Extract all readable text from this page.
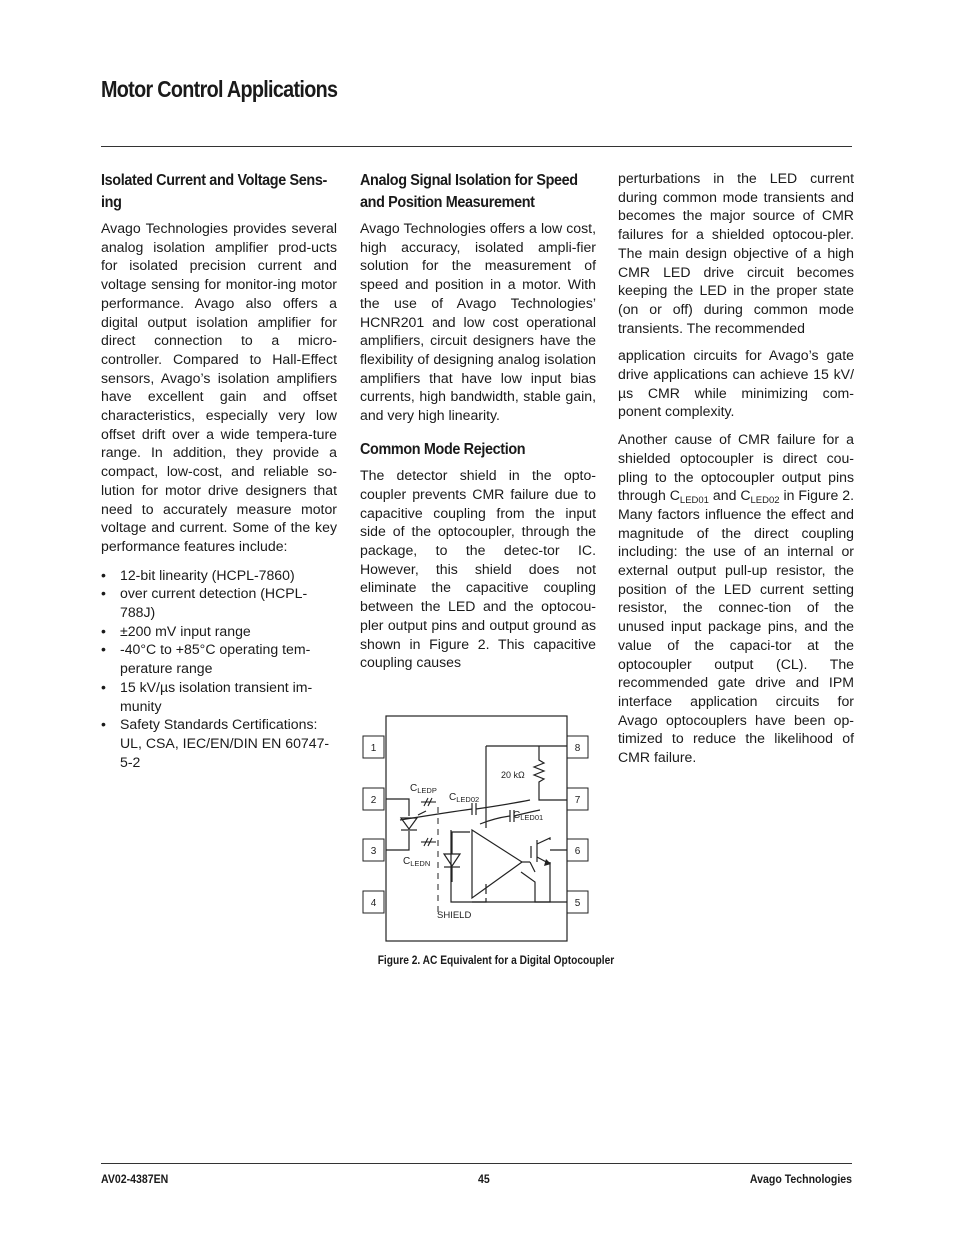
Motor Control Applications
Isolated Current and Voltage Sens-ing

Avago Technologies provides several analog isolation amplifier prod-ucts for isolated precision current and voltage sensing for monitor-ing motor performance. Avago also offers a digital output isolation amplifier for direct connection to a micro-controller. Compared to Hall-Effect sensors, Avago’s isolation amplifiers have excellent gain and offset characteristics, especially very low offset drift over a wide tempera-ture range. In addition, they provide a compact, low-cost, and reliable so-lution for motor drive designers that need to accurately measure motor voltage and current. Some of the key performance features include:

• 12-bit linearity (HCPL-7860)
• over current detection (HCPL-788J)
• ±200 mV input range
• -40°C to +85°C operating tem-perature range
• 15 kV/µs isolation transient im-munity
• Safety Standards Certifications: UL, CSA, IEC/EN/DIN EN 60747-5-2
Analog Signal Isolation for Speed and Position Measurement

Avago Technologies offers a low cost, high accuracy, isolated ampli-fier solution for the measurement of speed and position in a motor. With the use of Avago Technologies’ HCNR201 and low cost operational amplifiers, circuit designers have the flexibility of designing analog isolation amplifiers that have low input bias currents, high bandwidth, stable gain, and very high linearity.

Common Mode Rejection

The detector shield in the opto-coupler prevents CMR failure due to capacitive coupling from the input side of the optocoupler, through the package, to the detec-tor IC. However, this shield does not eliminate the capacitive coupling between the LED and the optocou-pler output pins and output ground as shown in Figure 2. This capacitive coupling causes

perturbations in the LED current during common mode transients and becomes the major source of CMR failures for a shielded optocou-pler. The main design objective of a high CMR LED drive circuit becomes keeping the LED in the proper state (on or off) during common mode transients. The recommended

application circuits for Avago’s gate drive applications can achieve 15 kV/µs CMR while minimizing com-ponent complexity.

Another cause of CMR failure for a shielded optocoupler is direct cou-pling to the optocoupler output pins through $C_{LED01}$ and $C_{LED02}$ in Figure 2. Many factors influence the effect and magnitude of the direct coupling including: the use of an internal or external output pull-up resistor, the position of the LED current setting resistor, the connec-tion of the unused input package pins, and the value of the capaci-tor at the optocoupler output (CL). The recommended gate drive and IPM interface application circuits for Avago optocouplers have been op-timized to reduce the likelihood of CMR failure.

1
2
3
4
8
7
6
5
SHIELD
$C_{LEDP}$
$C_{LED02}$
$C_{LED01}$
$C_{LEDN}$
20 kΩ
Figure 2. AC Equivalent for a Digital Optocoupler
AV02-4387EN	45	Avago Technologies
